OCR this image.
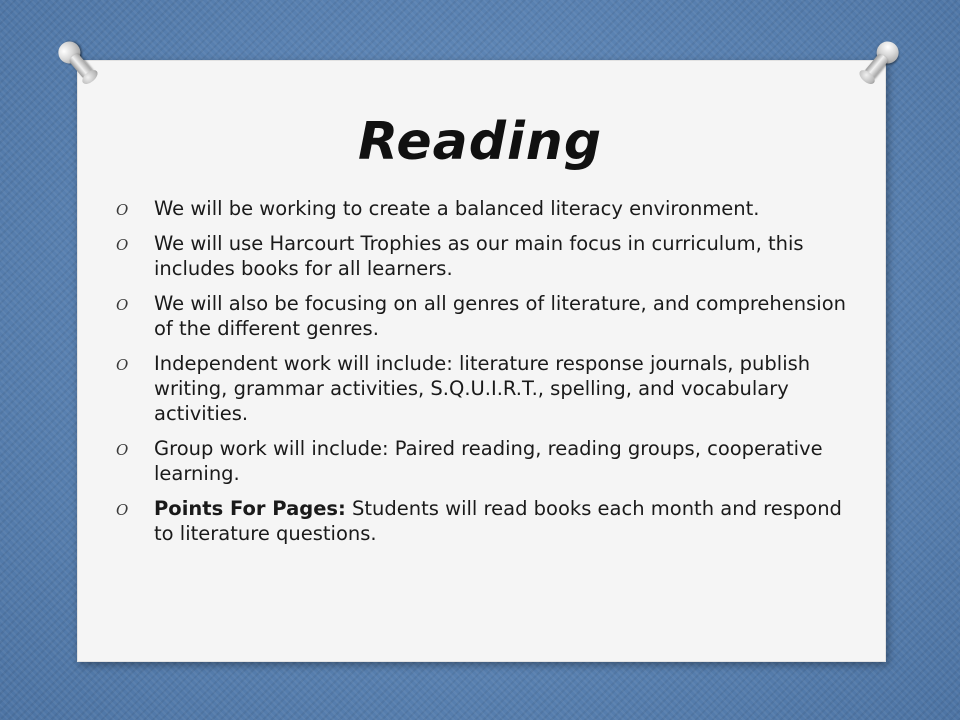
Reading
O We will be working to create a balanced literacy environment.
O We will use Harcourt Trophies as our main focus in curriculum, this includes books for all learners.
O We will also be focusing on all genres of literature, and comprehension of the different genres.
O Independent work will include: literature response journals, publish writing, grammar activities, S.Q.U.I.R.T., spelling, and vocabulary activities.
O Group work will include: Paired reading, reading groups, cooperative learning.
O Points For Pages: Students will read books each month and respond to literature questions.
